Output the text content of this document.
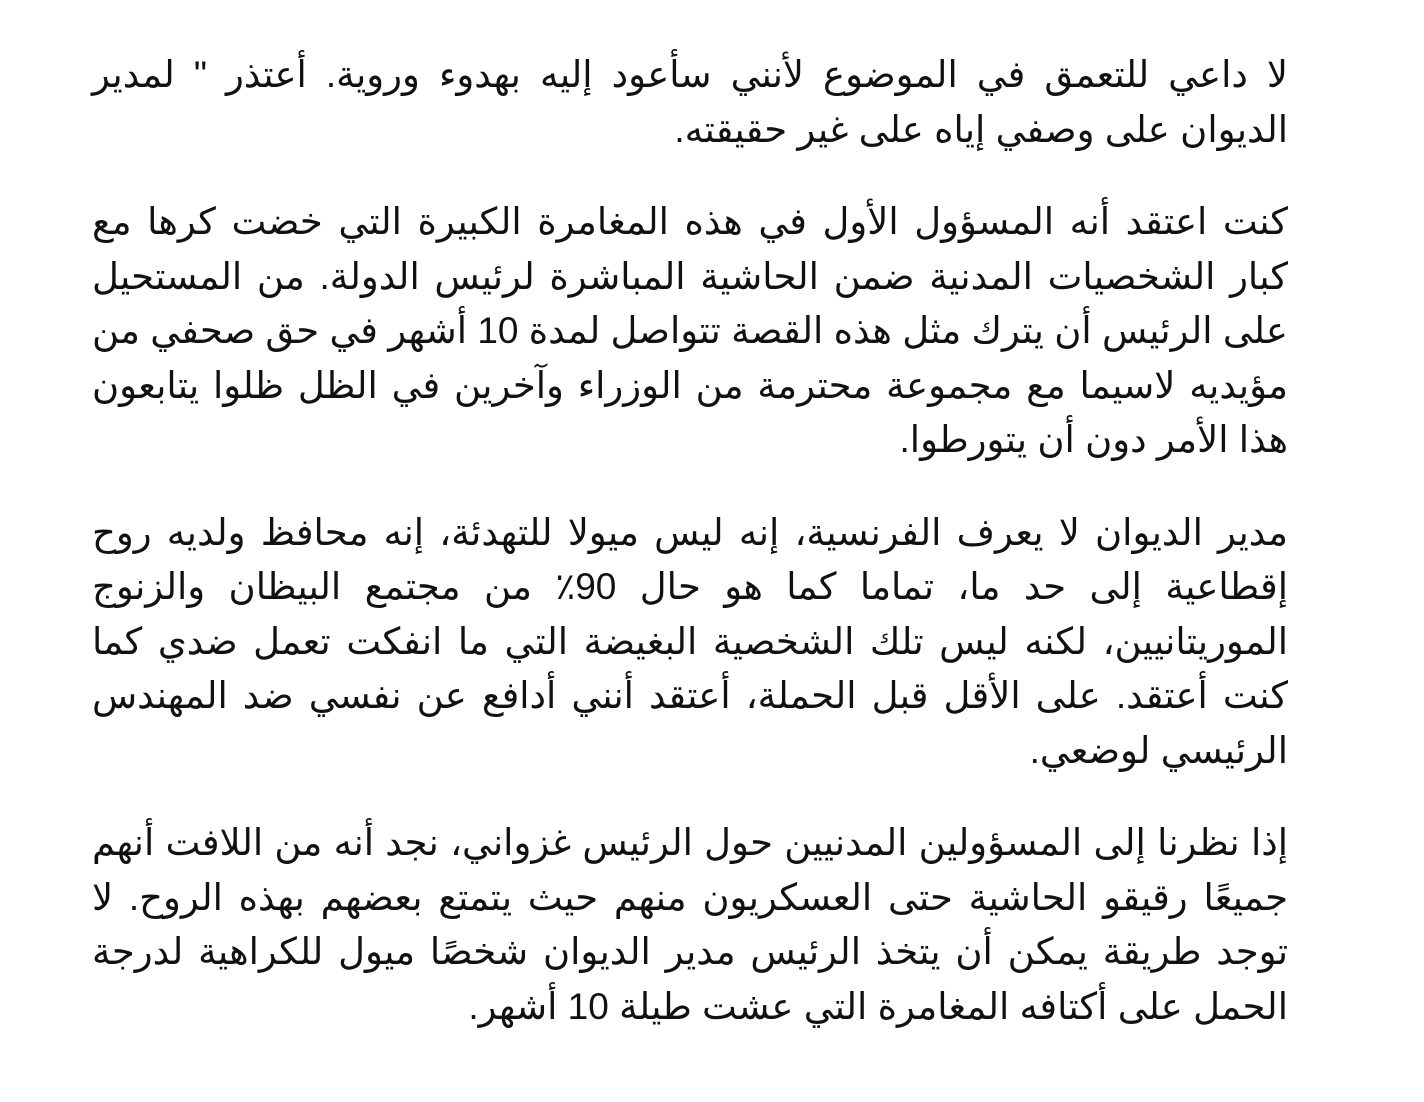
لا داعي للتعمق في الموضوع لأنني سأعود إليه بهدوء وروية. أعتذر " لمدير الديوان على وصفي إياه على غير حقيقته.

كنت اعتقد أنه المسؤول الأول في هذه المغامرة الكبيرة التي خضت كرها مع كبار الشخصيات المدنية ضمن الحاشية المباشرة لرئيس الدولة. من المستحيل على الرئيس أن يترك مثل هذه القصة تتواصل لمدة 10 أشهر في حق صحفي من مؤيديه لاسيما مع مجموعة محترمة من الوزراء وآخرين في الظل ظلوا يتابعون هذا الأمر دون أن يتورطوا.

مدير الديوان لا يعرف الفرنسية، إنه ليس ميولا للتهدئة، إنه محافظ ولديه روح إقطاعية إلى حد ما، تماما كما هو حال 90٪ من مجتمع البيظان والزنوج الموريتانيين، لكنه ليس تلك الشخصية البغيضة التي ما انفكت تعمل ضدي كما كنت أعتقد. على الأقل قبل الحملة، أعتقد أنني أدافع عن نفسي ضد المهندس الرئيسي لوضعي.

إذا نظرنا إلى المسؤولين المدنيين حول الرئيس غزواني، نجد أنه من اللافت أنهم جميعًا رقيقو الحاشية حتى العسكريون منهم حيث يتمتع بعضهم بهذه الروح. لا توجد طريقة يمكن أن يتخذ الرئيس مدير الديوان شخصًا ميول للكراهية لدرجة الحمل على أكتافه المغامرة التي عشت طيلة 10 أشهر.
